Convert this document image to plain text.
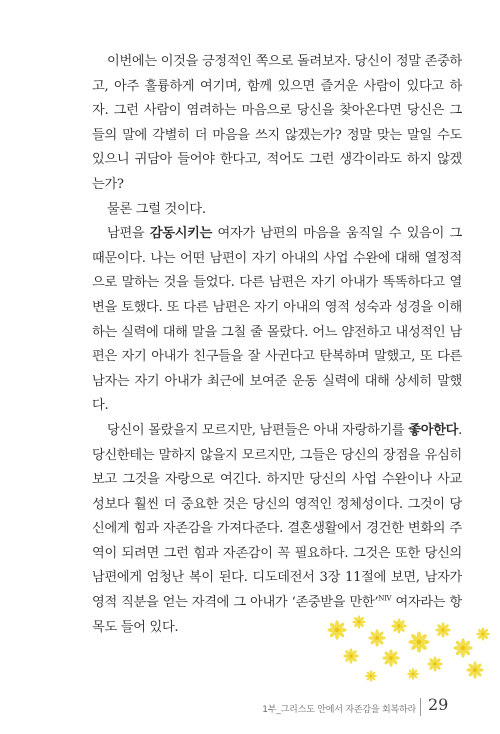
이번에는 이것을 긍정적인 쪽으로 돌려보자. 당신이 정말 존중하고, 아주 훌륭하게 여기며, 함께 있으면 즐거운 사람이 있다고 하자. 그런 사람이 염려하는 마음으로 당신을 찾아온다면 당신은 그들의 말에 각별히 더 마음을 쓰지 않겠는가? 정말 맞는 말일 수도 있으니 귀담아 들어야 한다고, 적어도 그런 생각이라도 하지 않겠는가?

물론 그럴 것이다.

남편을 감동시키는 여자가 남편의 마음을 움직일 수 있음이 그 때문이다. 나는 어떤 남편이 자기 아내의 사업 수완에 대해 열정적으로 말하는 것을 들었다. 다른 남편은 자기 아내가 똑똑하다고 열변을 토했다. 또 다른 남편은 자기 아내의 영적 성숙과 성경을 이해하는 실력에 대해 말을 그칠 줄 몰랐다. 어느 얌전하고 내성적인 남편은 자기 아내가 친구들을 잘 사귄다고 탄복하며 말했고, 또 다른 남자는 자기 아내가 최근에 보여준 운동 실력에 대해 상세히 말했다.

당신이 몰랐을지 모르지만, 남편들은 아내 자랑하기를 좋아한다. 당신한테는 말하지 않을지 모르지만, 그들은 당신의 장점을 유심히 보고 그것을 자랑으로 여긴다. 하지만 당신의 사업 수완이나 사교성보다 훨씬 더 중요한 것은 당신의 영적인 정체성이다. 그것이 당신에게 힘과 자존감을 가져다준다. 결혼생활에서 경건한 변화의 주역이 되려면 그런 힘과 자존감이 꼭 필요하다. 그것은 또한 당신의 남편에게 엄청난 복이 된다. 디도데전서 3장 11절에 보면, 남자가 영적 직분을 얻는 자격에 그 아내가 ‘존중받을 만한’$^{NIV}$ 여자라는 항목도 들어 있다.

1부_그리스도 안에서 자존감을 회복하라 29
